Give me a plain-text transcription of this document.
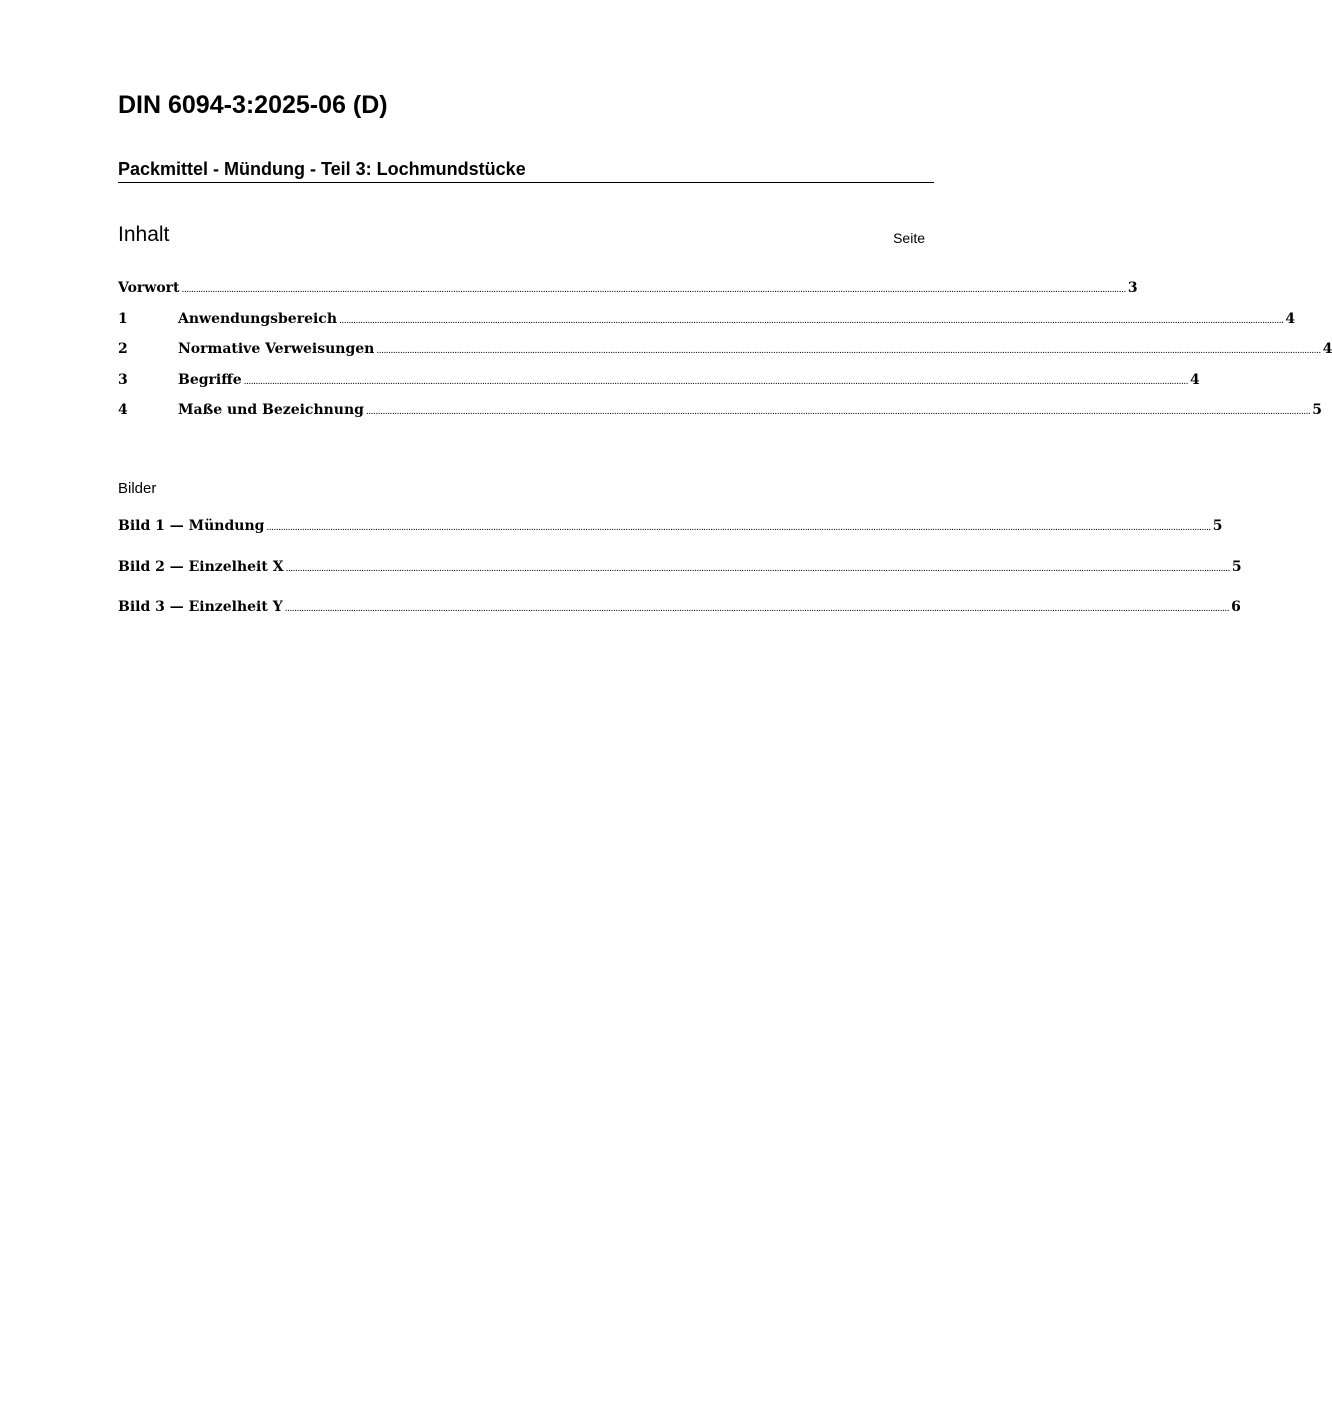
DIN 6094-3:2025-06 (D)
Packmittel - Mündung - Teil 3: Lochmundstücke
Inhalt	Seite
Vorwort ................................................................................................................................................................................................................................................................................................................................................................................................................ 3
1	Anwendungsbereich ................................................................................................................................................................................................................................................................................................................................................................................................................ 4
2	Normative Verweisungen ................................................................................................................................................................................................................................................................................................................................................................................................................ 4
3	Begriffe ................................................................................................................................................................................................................................................................................................................................................................................................................ 4
4	Maße und Bezeichnung ................................................................................................................................................................................................................................................................................................................................................................................................................ 5
Bilder
Bild 1 — Mündung ................................................................................................................................................................................................................................................................................................................................................................................................................ 5
Bild 2 — Einzelheit X ................................................................................................................................................................................................................................................................................................................................................................................................................ 5
Bild 3 — Einzelheit Y ................................................................................................................................................................................................................................................................................................................................................................................................................ 6
